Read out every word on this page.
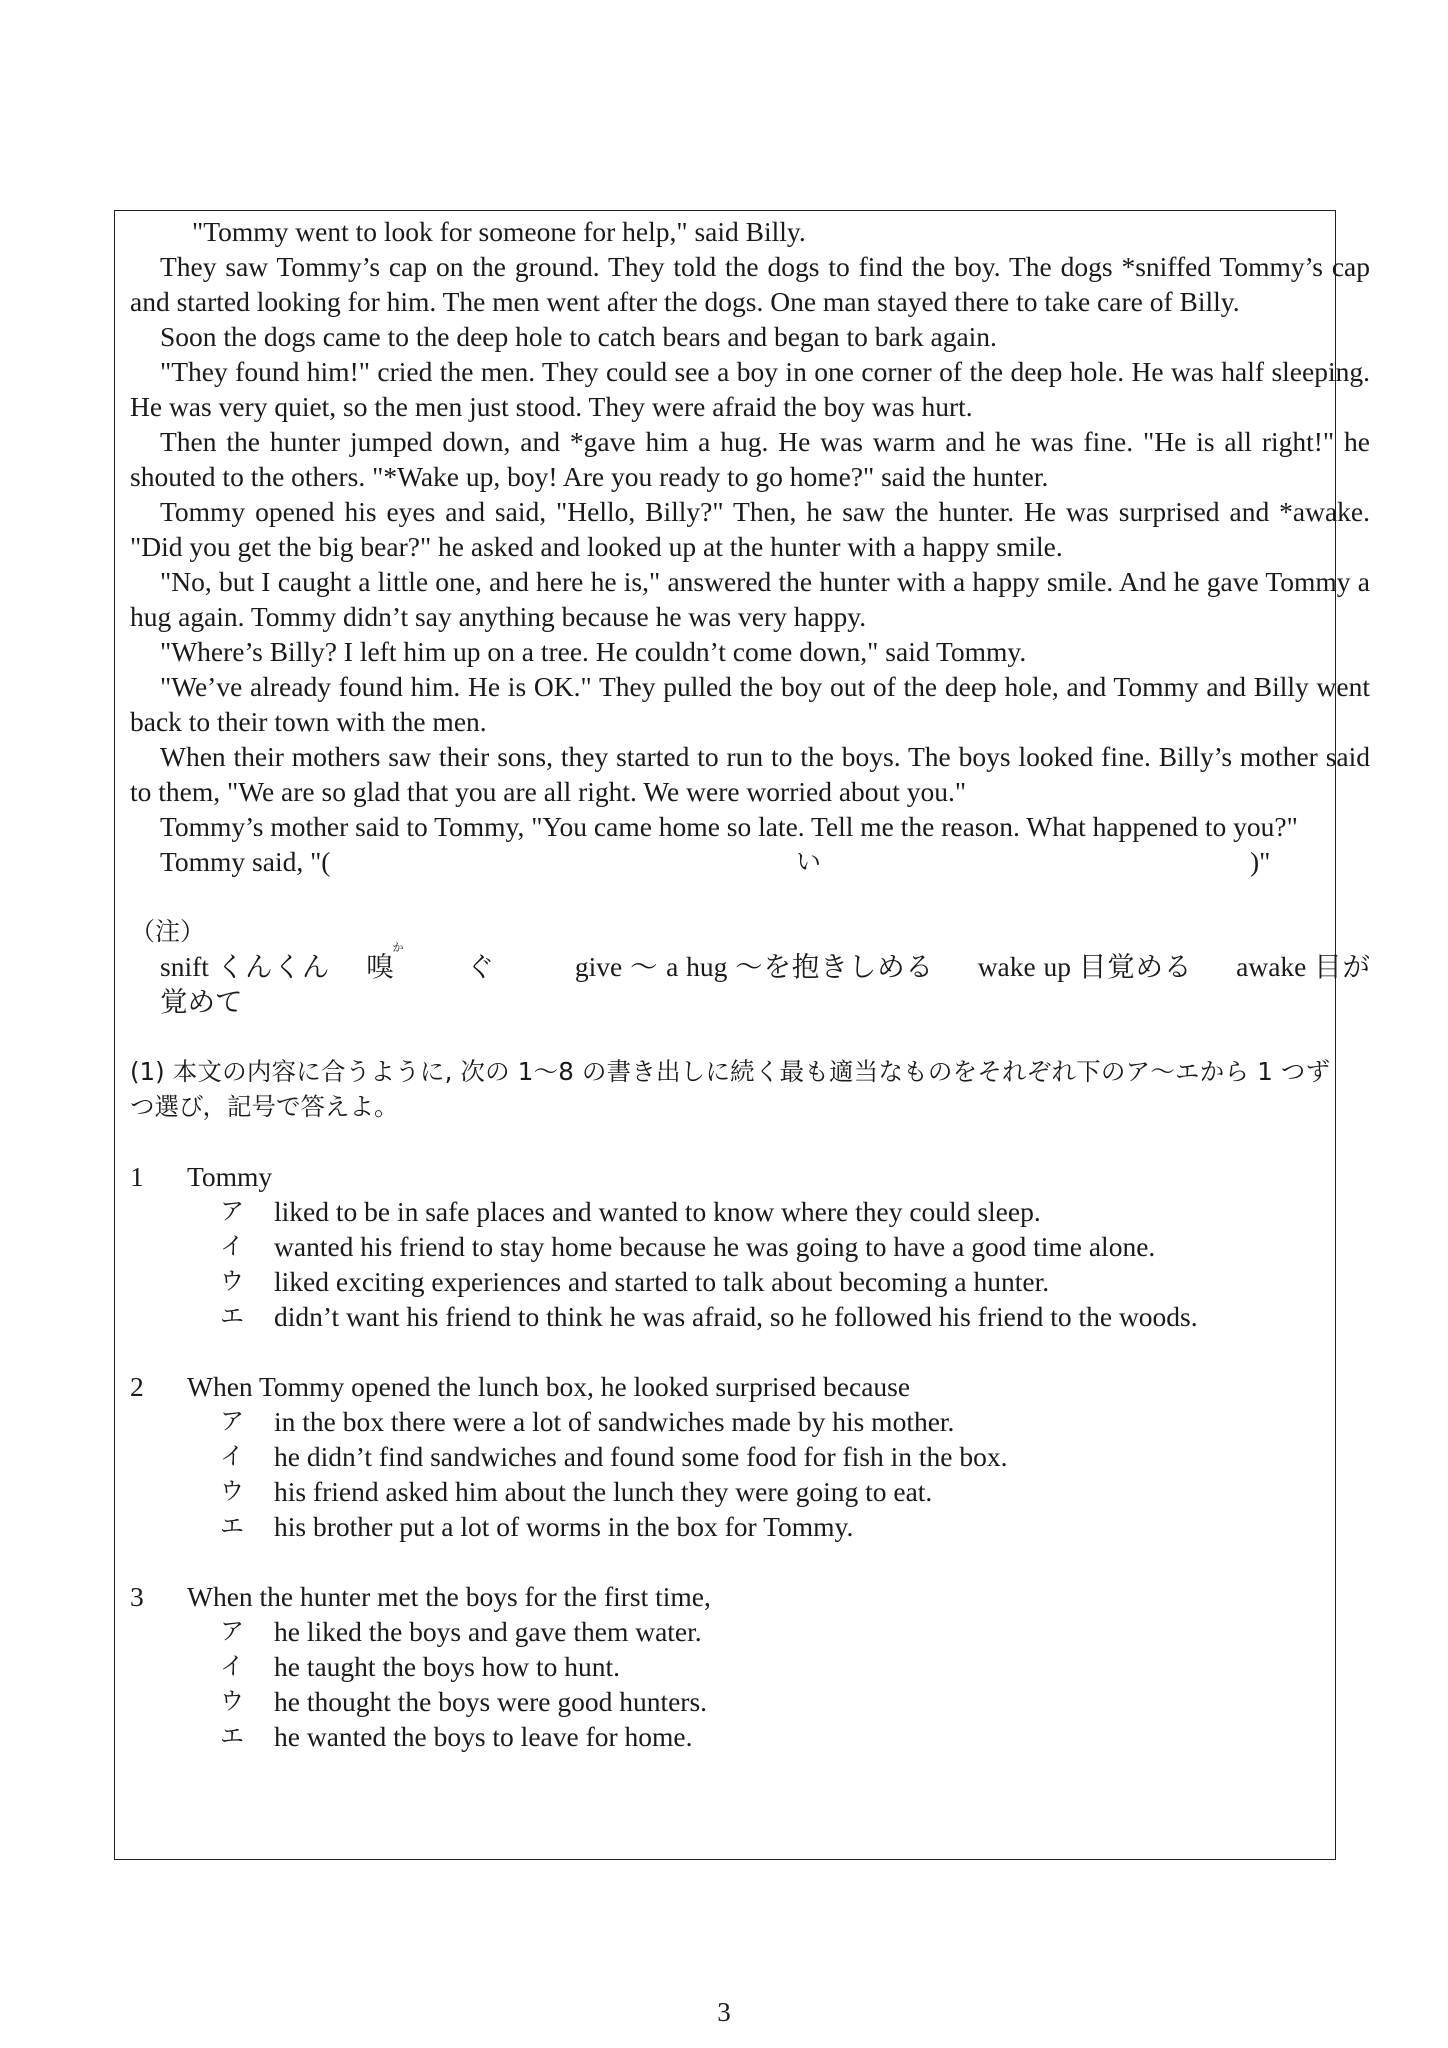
"Tommy went to look for someone for help," said Billy.

They saw Tommy’s cap on the ground. They told the dogs to find the boy. The dogs *sniffed Tommy’s cap and started looking for him. The men went after the dogs. One man stayed there to take care of Billy.

Soon the dogs came to the deep hole to catch bears and began to bark again.

"They found him!" cried the men. They could see a boy in one corner of the deep hole. He was half sleeping. He was very quiet, so the men just stood. They were afraid the boy was hurt.

Then the hunter jumped down, and *gave him a hug. He was warm and he was fine. "He is all right!" he shouted to the others. "*Wake up, boy! Are you ready to go home?" said the hunter.

Tommy opened his eyes and said, "Hello, Billy?" Then, he saw the hunter. He was surprised and *awake. "Did you get the big bear?" he asked and looked up at the hunter with a happy smile.

"No, but I caught a little one, and here he is," answered the hunter with a happy smile. And he gave Tommy a hug again. Tommy didn’t say anything because he was very happy.

"Where’s Billy? I left him up on a tree. He couldn’t come down," said Tommy.

"We’ve already found him. He is OK." They pulled the boy out of the deep hole, and Tommy and Billy went back to their town with the men.

When their mothers saw their sons, they started to run to the boys. The boys looked fine. Billy’s mother said to them, "We are so glad that you are all right. We were worried about you."

Tommy’s mother said to Tommy, "You came home so late. Tell me the reason. What happened to you?"

Tommy said, "(	い	)"

（注）

snift くんくん
か
嗅	ぐ	give ～ a hug ～を抱きしめる wake up 目覚める awake 目が覚めて

(1) 本文の内容に合うように, 次の 1～8 の書き出しに続く最も適当なものをそれぞれ下のア～エから 1 つずつ選び，記号で答えよ。

1	Tommy
ア	liked to be in safe places and wanted to know where they could sleep.
イ	wanted his friend to stay home because he was going to have a good time alone.
ウ	liked exciting experiences and started to talk about becoming a hunter.
エ	didn’t want his friend to think he was afraid, so he followed his friend to the woods.
2	When Tommy opened the lunch box, he looked surprised because
ア	in the box there were a lot of sandwiches made by his mother.
イ	he didn’t find sandwiches and found some food for fish in the box.
ウ	his friend asked him about the lunch they were going to eat.
エ	his brother put a lot of worms in the box for Tommy.
3	When the hunter met the boys for the first time,
ア	he liked the boys and gave them water.
イ	he taught the boys how to hunt.
ウ	he thought the boys were good hunters.
エ	he wanted the boys to leave for home.
3
